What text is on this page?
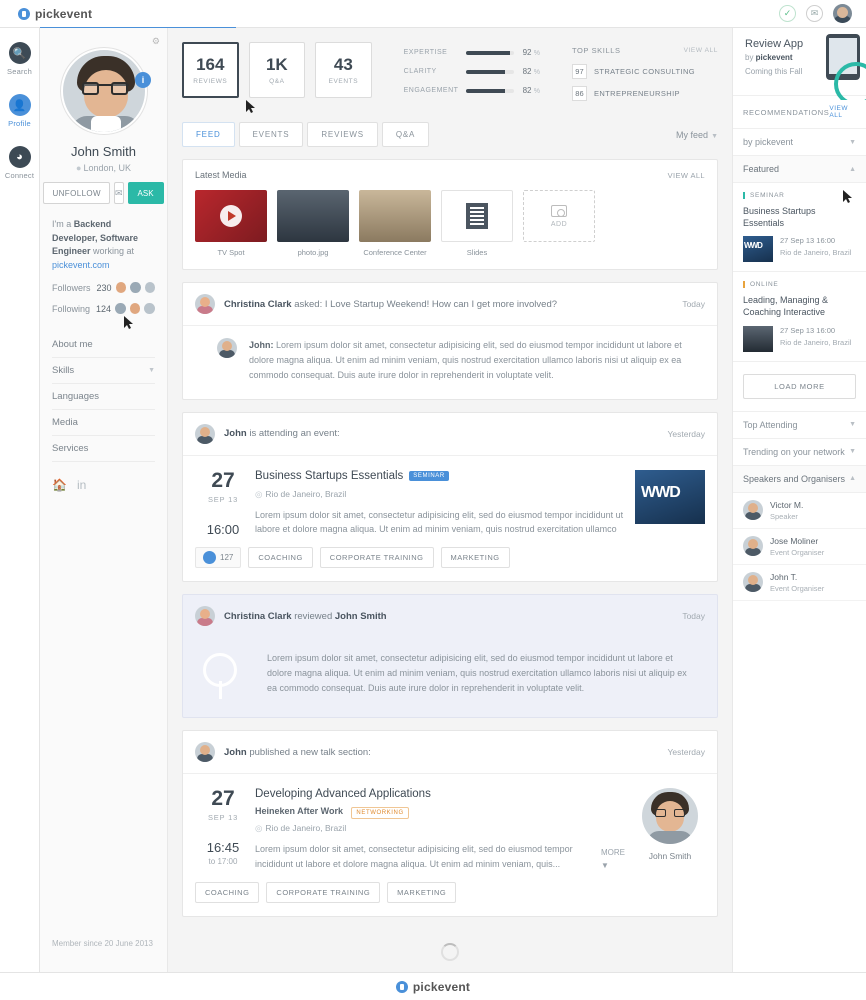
pickevent	✓	✉
🔍
Search
👤
Profile
◕
Connect
⚙
i
John Smith
● London, UK
UNFOLLOW	✉	ASK
I'm a Backend Developer, Software Engineer working at pickevent.com
Followers 230
Following 124
About me
Skills	▼
Languages
Media
Services
🏠 in
Member since 20 June 2013
164
REVIEWS
1K
Q&A
43
EVENTS
EXPERTISE	92 %
CLARITY	82 %
ENGAGEMENT	82 %
TOP SKILLS	VIEW ALL
97	STRATEGIC CONSULTING
86	ENTREPRENEURSHIP
FEED	EVENTS	REVIEWS	Q&A	My feed ▼
Latest Media	VIEW ALL
TV Spot	photo.jpg	Conference Center	Slides
ADD
Christina Clark asked: I Love Startup Weekend! How can I get more involved?	Today

John: Lorem ipsum dolor sit amet, consectetur adipisicing elit, sed do eiusmod tempor incididunt ut labore et dolore magna aliqua. Ut enim ad minim veniam, quis nostrud exercitation ullamco laboris nisi ut aliquip ex ea commodo consequat. Duis aute irure dolor in reprehenderit in voluptate velit.

John is attending an event:	Yesterday
27
SEP 13
16:00
Business Startups Essentials	SEMINAR
◎ Rio de Janeiro, Brazil
Lorem ipsum dolor sit amet, consectetur adipisicing elit, sed do eiusmod tempor incididunt ut labore et dolore magna aliqua. Ut enim ad minim veniam, quis nostrud exercitation ullamco
WWD
127	COACHING	CORPORATE TRAINING	MARKETING
Christina Clark reviewed John Smith	Today

Lorem ipsum dolor sit amet, consectetur adipisicing elit, sed do eiusmod tempor incididunt ut labore et dolore magna aliqua. Ut enim ad minim veniam, quis nostrud exercitation ullamco laboris nisi ut aliquip ex ea commodo consequat. Duis aute irure dolor in reprehenderit in voluptate velit.

John published a new talk section:	Yesterday
27
SEP 13
16:45
to 17:00
Developing Advanced Applications
Heineken After Work NETWORKING
◎ Rio de Janeiro, Brazil
Lorem ipsum dolor sit amet, consectetur adipisicing elit, sed do eiusmod tempor incididunt ut labore et dolore magna aliqua. Ut enim ad minim veniam, quis...
MORE ▼
John Smith
COACHING	CORPORATE TRAINING	MARKETING
Review App
by pickevent
Coming this Fall
RECOMMENDATIONS VIEW ALL
by pickevent	▼
Featured	▲
SEMINAR
Business Startups Essentials
WWD
27 Sep 13 16:00
Rio de Janeiro, Brazil
ONLINE
Leading, Managing & Coaching Interactive
27 Sep 13 16:00
Rio de Janeiro, Brazil
LOAD MORE
Top Attending	▼
Trending on your network ▼
Speakers and Organisers ▲
Victor M.
Speaker
Jose Moliner
Event Organiser
John T.
Event Organiser
pickevent
